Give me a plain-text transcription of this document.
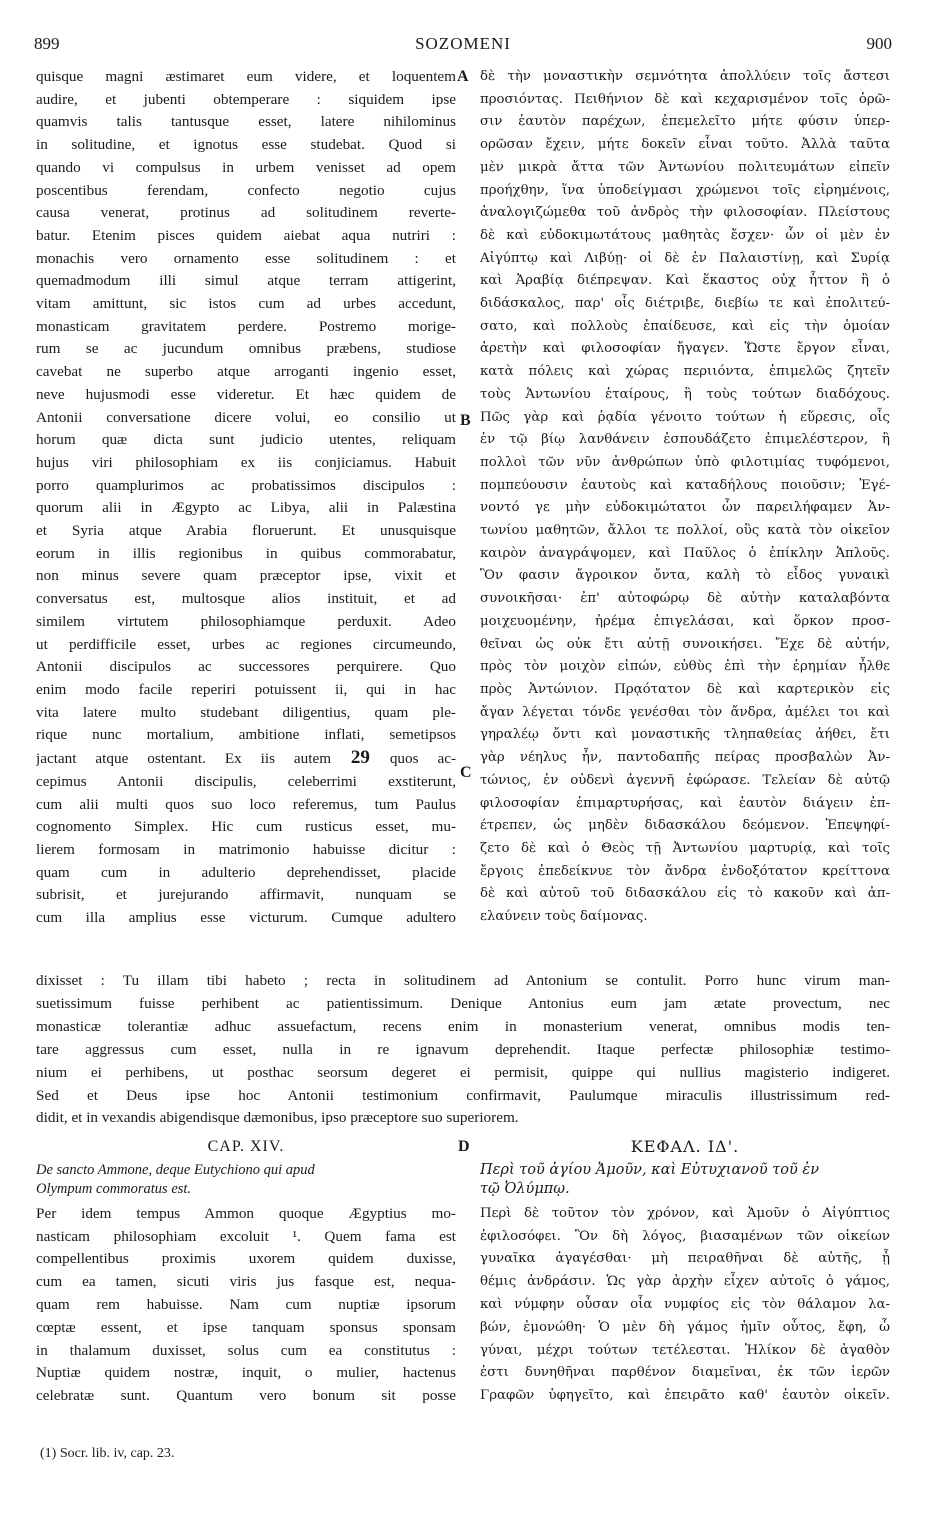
899	SOZOMENI	900
A
B
C
D
quisque magni æstimaret eum videre, et loquentem
audire, et jubenti obtemperare : siquidem ipse
quamvis talis tantusque esset, latere nihilominus
in solitudine, et ignotus esse studebat. Quod si
quando vi compulsus in urbem venisset ad opem
poscentibus ferendam, confecto negotio cujus
causa venerat, protinus ad solitudinem reverte-
batur. Etenim pisces quidem aiebat aqua nutriri :
monachis vero ornamento esse solitudinem : et
quemadmodum illi simul atque terram attigerint,
vitam amittunt, sic istos cum ad urbes accedunt,
monasticam gravitatem perdere. Postremo morige-
rum se ac jucundum omnibus præbens, studiose
cavebat ne superbo atque arroganti ingenio esset,
neve hujusmodi esse videretur. Et hæc quidem de
Antonii conversatione dicere volui, eo consilio ut
horum quæ dicta sunt judicio utentes, reliquam
hujus viri philosophiam ex iis conjiciamus. Habuit
porro quamplurimos ac probatissimos discipulos :
quorum alii in Ægypto ac Libya, alii in Palæstina
et Syria atque Arabia floruerunt. Et unusquisque
eorum in illis regionibus in quibus commorabatur,
non minus severe quam præceptor ipse, vixit et
conversatus est, multosque alios instituit, et ad
similem virtutem philosophiamque perduxit. Adeo
ut perdifficile esset, urbes ac regiones circumeundo,
Antonii discipulos ac successores perquirere. Quo
enim modo facile reperiri potuissent ii, qui in hac
vita latere multo studebant diligentius, quam ple-
rique nunc mortalium, ambitione inflati, semetipsos
jactant atque ostentant. Ex iis autem 29 quos ac-
cepimus Antonii discipulis, celeberrimi exstiterunt,
cum alii multi quos suo loco referemus, tum Paulus
cognomento Simplex. Hic cum rusticus esset, mu-
lierem formosam in matrimonio habuisse dicitur :
quam cum in adulterio deprehendisset, placide
subrisit, et jurejurando affirmavit, nunquam se
cum illa amplius esse victurum. Cumque adultero
δὲ τὴν μοναστικὴν σεμνότητα ἀπολλύειν τοῖς ἄστεσι
προσιόντας. Πειθήνιον δὲ καὶ κεχαρισμένον τοῖς ὁρῶ-
σιν ἑαυτὸν παρέχων, ἐπεμελεῖτο μήτε φύσιν ὑπερ-
ορῶσαν ἔχειν, μήτε δοκεῖν εἶναι τοῦτο. Ἀλλὰ ταῦτα
μὲν μικρὰ ἄττα τῶν Ἀντωνίου πολιτευμάτων εἰπεῖν
προήχθην, ἵνα ὑποδείγμασι χρώμενοι τοῖς εἰρημένοις,
ἀναλογιζώμεθα τοῦ ἀνδρὸς τὴν φιλοσοφίαν. Πλείστους
δὲ καὶ εὐδοκιμωτάτους μαθητὰς ἔσχεν· ὧν οἱ μὲν ἐν
Αἰγύπτῳ καὶ Λιβύῃ· οἱ δὲ ἐν Παλαιστίνῃ, καὶ Συρίᾳ
καὶ Ἀραβίᾳ διέπρεψαν. Καὶ ἕκαστος οὐχ ἧττον ἢ ὁ
διδάσκαλος, παρ' οἷς διέτριβε, διεβίω τε καὶ ἐπολιτεύ-
σατο, καὶ πολλοὺς ἐπαίδευσε, καὶ εἰς τὴν ὁμοίαν
ἀρετὴν καὶ φιλοσοφίαν ἤγαγεν. Ὥστε ἔργον εἶναι,
κατὰ πόλεις καὶ χώρας περιιόντα, ἐπιμελῶς ζητεῖν
τοὺς Ἀντωνίου ἑταίρους, ἢ τοὺς τούτων διαδόχους.
Πῶς γὰρ καὶ ῥᾳδία γένοιτο τούτων ἡ εὕρεσις, οἷς
ἐν τῷ βίῳ λανθάνειν ἐσπουδάζετο ἐπιμελέστερον, ἢ
πολλοὶ τῶν νῦν ἀνθρώπων ὑπὸ φιλοτιμίας τυφόμενοι,
πομπεύουσιν ἑαυτοὺς καὶ καταδήλους ποιοῦσιν; Ἐγέ-
νοντό γε μὴν εὐδοκιμώτατοι ὧν παρειλήφαμεν Ἀν-
τωνίου μαθητῶν, ἄλλοι τε πολλοί, οὓς κατὰ τὸν οἰκεῖον
καιρὸν ἀναγράψομεν, καὶ Παῦλος ὁ ἐπίκλην Ἁπλοῦς.
Ὃν φασιν ἄγροικον ὄντα, καλὴ τὸ εἶδος γυναικὶ
συνοικῆσαι· ἐπ' αὐτοφώρῳ δὲ αὐτὴν καταλαβόντα
μοιχευομένην, ἠρέμα ἐπιγελάσαι, καὶ ὅρκον προσ-
θεῖναι ὡς οὐκ ἔτι αὐτῇ συνοικήσει. Ἔχε δὲ αὐτήν,
πρὸς τὸν μοιχὸν εἰπών, εὐθὺς ἐπὶ τὴν ἐρημίαν ἦλθε
πρὸς Ἀντώνιον. Πρᾳότατον δὲ καὶ καρτερικὸν εἰς
ἄγαν λέγεται τόνδε γενέσθαι τὸν ἄνδρα, ἀμέλει τοι καὶ
γηραλέῳ ὄντι καὶ μοναστικῆς τληπαθείας ἀήθει, ἔτι
γὰρ νέηλυς ἦν, παντοδαπῆς πείρας προσβαλὼν Ἀν-
τώνιος, ἐν οὐδενὶ ἀγεννῆ ἐφώρασε. Τελείαν δὲ αὐτῷ
φιλοσοφίαν ἐπιμαρτυρήσας, καὶ ἑαυτὸν διάγειν ἐπ-
έτρεπεν, ὡς μηδὲν διδασκάλου δεόμενον. Ἐπεψηφί-
ζετο δὲ καὶ ὁ Θεὸς τῇ Ἀντωνίου μαρτυρίᾳ, καὶ τοῖς
ἔργοις ἐπεδείκνυε τὸν ἄνδρα ἐνδοξότατον κρείττονα
δὲ καὶ αὐτοῦ τοῦ διδασκάλου εἰς τὸ κακοῦν καὶ ἀπ-
ελαύνειν τοὺς δαίμονας.
dixisset : Tu illam tibi habeto ; recta in solitudinem ad Antonium se contulit. Porro hunc virum man-
suetissimum fuisse perhibent ac patientissimum. Denique Antonius eum jam ætate provectum, nec
monasticæ tolerantiæ adhuc assuefactum, recens enim in monasterium venerat, omnibus modis ten-
tare aggressus cum esset, nulla in re ignavum deprehendit. Itaque perfectæ philosophiæ testimo-
nium ei perhibens, ut posthac seorsum degeret ei permisit, quippe qui nullius magisterio indigeret.
Sed et Deus ipse hoc Antonii testimonium confirmavit, Paulumque miraculis illustrissimum red-
didit, et in vexandis abigendisque dæmonibus, ipso præceptore suo superiorem.
CAP. XIV.
De sancto Ammone, deque Eutychiono qui apud
Olympum commoratus est.
Per idem tempus Ammon quoque Ægyptius mo-
nasticam philosophiam excoluit ¹. Quem fama est
compellentibus proximis uxorem quidem duxisse,
cum ea tamen, sicuti viris jus fasque est, nequa-
quam rem habuisse. Nam cum nuptiæ ipsorum
cœptæ essent, et ipse tanquam sponsus sponsam
in thalamum duxisset, solus cum ea constitutus :
Nuptiæ quidem nostræ, inquit, o mulier, hactenus
celebratæ sunt. Quantum vero bonum sit posse
ΚΕΦΑΛ. ΙΔ'.
Περὶ τοῦ ἁγίου Ἀμοῦν, καὶ Εὐτυχιανοῦ τοῦ ἐν
τῷ Ὀλύμπῳ.
Περὶ δὲ τοῦτον τὸν χρόνον, καὶ Ἀμοῦν ὁ Αἰγύπτιος
ἐφιλοσόφει. Ὃν δὴ λόγος, βιασαμένων τῶν οἰκείων
γυναῖκα ἀγαγέσθαι· μὴ πειραθῆναι δὲ αὐτῆς, ᾗ
θέμις ἀνδράσιν. Ὡς γὰρ ἀρχὴν εἶχεν αὐτοῖς ὁ γάμος,
καὶ νύμφην οὖσαν οἷα νυμφίος εἰς τὸν θάλαμον λα-
βών, ἐμονώθη· Ὁ μὲν δὴ γάμος ἡμῖν οὗτος, ἔφη, ὦ
γύναι, μέχρι τούτων τετέλεσται. Ἠλίκον δὲ ἀγαθὸν
ἐστι δυνηθῆναι παρθένον διαμεῖναι, ἐκ τῶν ἱερῶν
Γραφῶν ὑφηγεῖτο, καὶ ἐπειρᾶτο καθ' ἑαυτὸν οἰκεῖν.
(1) Socr. lib. iv, cap. 23.
